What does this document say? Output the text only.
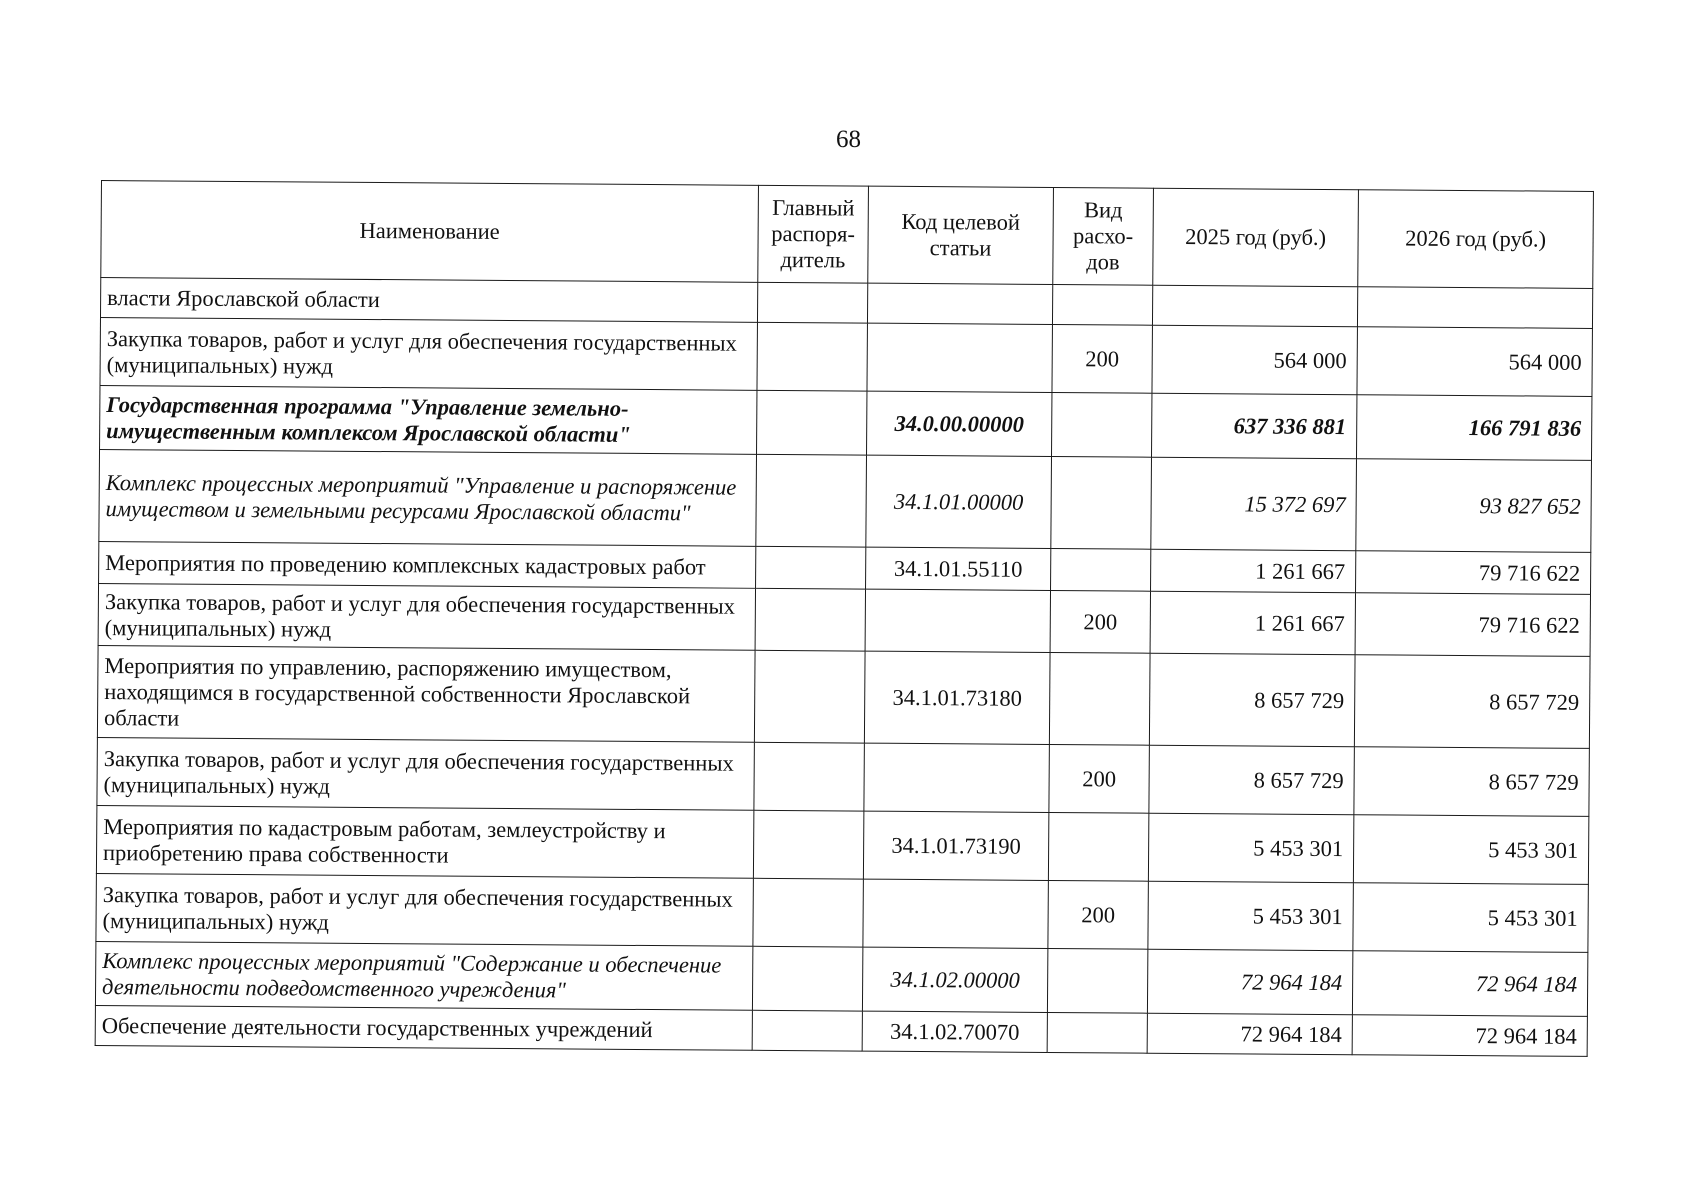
68
Наименование	Главный распоря-дитель	Код целевой статьи	Вид расхо-дов	2025 год (руб.)	2026 год (руб.)
власти Ярославской области					
Закупка товаров, работ и услуг для обеспечения государственных (муниципальных) нужд			200	564 000	564 000
Государственная программа "Управление земельно-имущественным комплексом Ярославской области"		34.0.00.00000		637 336 881	166 791 836
Комплекс процессных мероприятий "Управление и распоряжение имуществом и земельными ресурсами Ярославской области"		34.1.01.00000		15 372 697	93 827 652
Мероприятия по проведению комплексных кадастровых работ		34.1.01.55110		1 261 667	79 716 622
Закупка товаров, работ и услуг для обеспечения государственных (муниципальных) нужд			200	1 261 667	79 716 622
Мероприятия по управлению, распоряжению имуществом, находящимся в государственной собственности Ярославской области		34.1.01.73180		8 657 729	8 657 729
Закупка товаров, работ и услуг для обеспечения государственных (муниципальных) нужд			200	8 657 729	8 657 729
Мероприятия по кадастровым работам, землеустройству и приобретению права собственности		34.1.01.73190		5 453 301	5 453 301
Закупка товаров, работ и услуг для обеспечения государственных (муниципальных) нужд			200	5 453 301	5 453 301
Комплекс процессных мероприятий "Содержание и обеспечение деятельности подведомственного учреждения"		34.1.02.00000		72 964 184	72 964 184
Обеспечение деятельности государственных учреждений		34.1.02.70070		72 964 184	72 964 184
